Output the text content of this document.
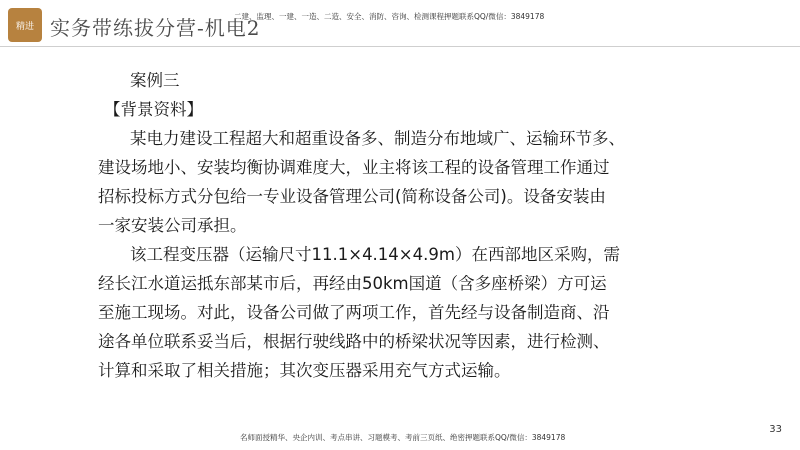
精进 实务带练拔分营-机电2
二建、监理、一建、一造、二造、安全、消防、咨询、检测课程押题联系QQ/微信：3849178
案例三
【背景资料】
某电力建设工程超大和超重设备多、制造分布地域广、运输环节多、
建设场地小、安装均衡协调难度大，业主将该工程的设备管理工作通过
招标投标方式分包给一专业设备管理公司(简称设备公司)。设备安装由
一家安装公司承担。
该工程变压器（运输尺寸11.1×4.14×4.9m）在西部地区采购，需
经长江水道运抵东部某市后，再经由50km国道（含多座桥梁）方可运
至施工现场。对此，设备公司做了两项工作，首先经与设备制造商、沿
途各单位联系妥当后，根据行驶线路中的桥梁状况等因素，进行检测、
计算和采取了相关措施；其次变压器采用充气方式运输。
33
名师面授精华、央企内训、考点串讲、习题模考、考前三页纸、绝密押题联系QQ/微信：3849178
